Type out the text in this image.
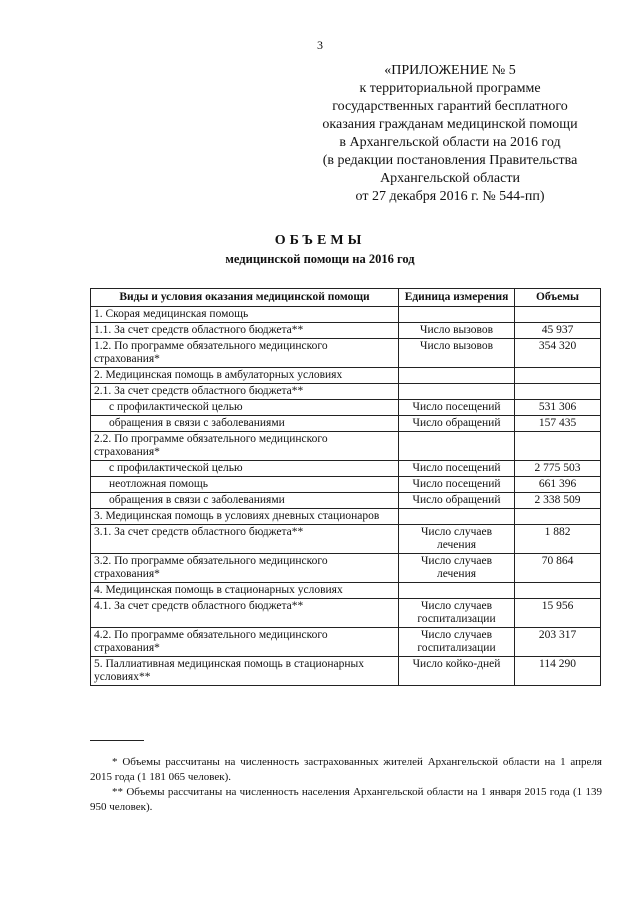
3
«ПРИЛОЖЕНИЕ № 5
к территориальной программе
государственных гарантий бесплатного
оказания гражданам медицинской помощи
в Архангельской области на 2016 год
(в редакции постановления Правительства
Архангельской области
от 27 декабря 2016 г. № 544-пп)
ОБЪЕМЫ
медицинской помощи на 2016 год
Виды и условия оказания медицинской помощи	Единица измерения	Объемы
1. Скорая медицинская помощь		
1.1. За счет средств областного бюджета**	Число вызовов	45 937
1.2. По программе обязательного медицинского страхования*	Число вызовов	354 320
2. Медицинская помощь в амбулаторных условиях		
2.1. За счет средств областного бюджета**		
с профилактической целью	Число посещений	531 306
обращения в связи с заболеваниями	Число обращений	157 435
2.2. По программе обязательного медицинского страхования*		
с профилактической целью	Число посещений	2 775 503
неотложная помощь	Число посещений	661 396
обращения в связи с заболеваниями	Число обращений	2 338 509
3. Медицинская помощь в условиях дневных стационаров		
3.1. За счет средств областного бюджета**	Число случаев лечения	1 882
3.2. По программе обязательного медицинского страхования*	Число случаев лечения	70 864
4. Медицинская помощь в стационарных условиях		
4.1. За счет средств областного бюджета**	Число случаев госпитализации	15 956
4.2. По программе обязательного медицинского страхования*	Число случаев госпитализации	203 317
5. Паллиативная медицинская помощь в стационарных условиях**	Число койко-дней	114 290

* Объемы рассчитаны на численность застрахованных жителей Архангельской области на 1 апреля 2015 года (1 181 065 человек).

** Объемы рассчитаны на численность населения Архангельской области на 1 января 2015 года (1 139 950 человек).
